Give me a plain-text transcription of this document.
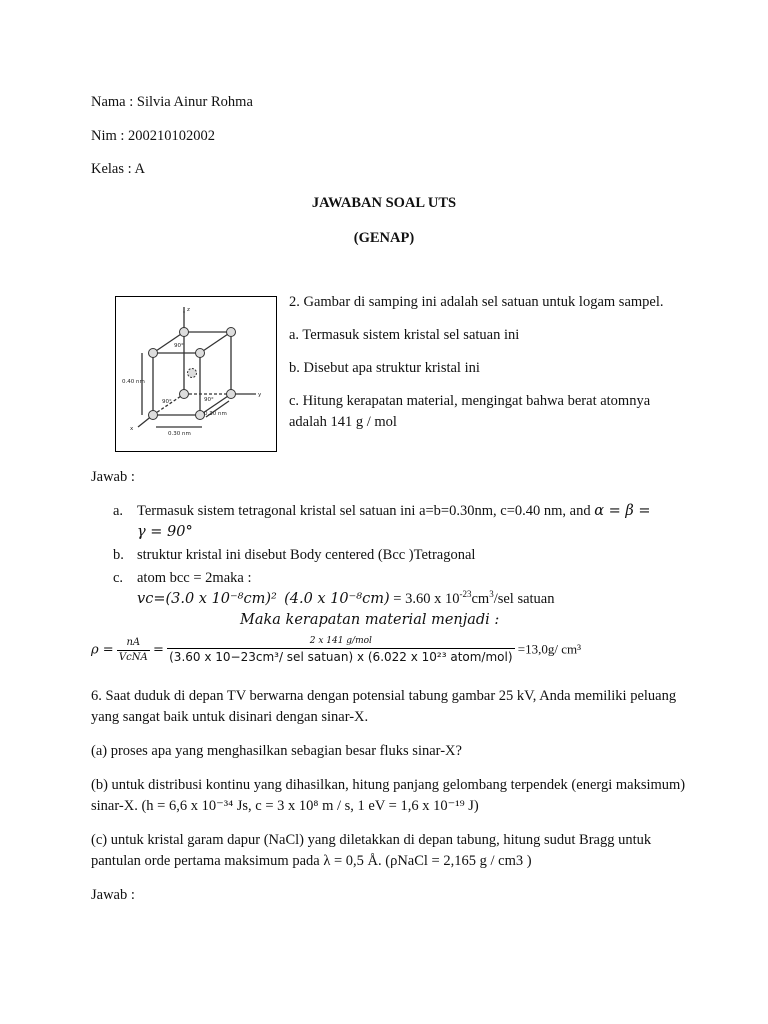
Nama : Silvia Ainur Rohma
Nim : 200210102002
Kelas : A
JAWABAN SOAL UTS
(GENAP)
0.40 nm
0.30 nm
0.30 nm
90°
90°	90°
z
y
x

2. Gambar di samping ini adalah sel satuan untuk logam sampel.

a. Termasuk sistem kristal sel satuan ini

b. Disebut apa struktur kristal ini

c. Hitung kerapatan material, mengingat bahwa berat atomnya adalah 141 g / mol

Jawab :
a. Termasuk sistem tetragonal kristal sel satuan ini a=b=0.30nm, c=0.40 nm, and α = β =
γ = 90°
b. struktur kristal ini disebut Body centered (Bcc )Tetragonal
c. atom bcc = 2maka :
vc=(3.0 x 10⁻⁸cm)² (4.0 x 10⁻⁸cm) = 3.60 x $10^{-23}cm^3$/sel satuan
Maka kerapatan material menjadi :
$\rho = \frac{nA}{\text{VcNA}} = \frac{\text{2 x 141 g/mol}}{\text{(3.60 x 10−23cm³/ sel satuan) x (6.022 x 10²³ atom/mol)}} =13,0g/$ cm³

6. Saat duduk di depan TV berwarna dengan potensial tabung gambar 25 kV, Anda memiliki peluang yang sangat baik untuk disinari dengan sinar-X.

(a) proses apa yang menghasilkan sebagian besar fluks sinar-X?

(b) untuk distribusi kontinu yang dihasilkan, hitung panjang gelombang terpendek (energi maksimum) sinar-X. (h = 6,6 x 10⁻³⁴ Js, c = 3 x 10⁸ m / s, 1 eV = 1,6 x 10⁻¹⁹ J)

(c) untuk kristal garam dapur (NaCl) yang diletakkan di depan tabung, hitung sudut Bragg untuk pantulan orde pertama maksimum pada λ = 0,5 Å. (ρNaCl = 2,165 g / cm3 )

Jawab :
